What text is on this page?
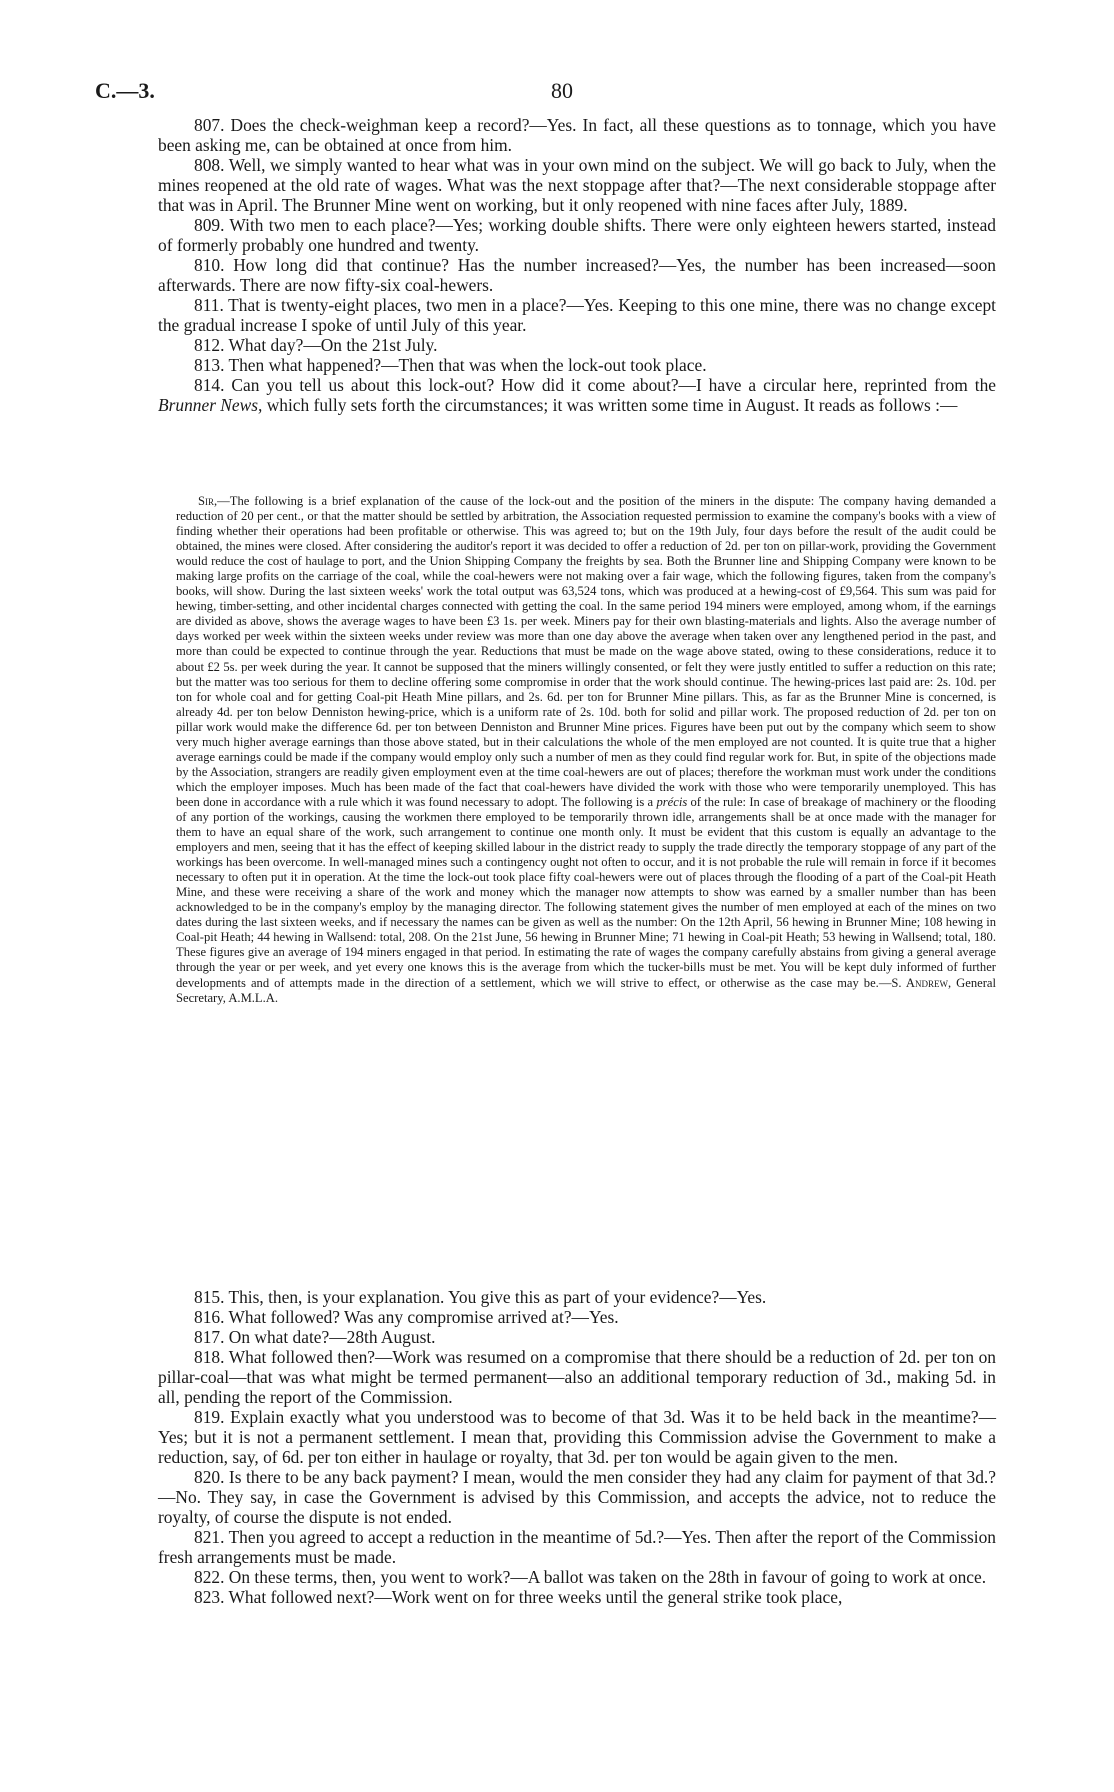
C.—3.	80

807. Does the check-weighman keep a record?—Yes. In fact, all these questions as to tonnage, which you have been asking me, can be obtained at once from him.

808. Well, we simply wanted to hear what was in your own mind on the subject. We will go back to July, when the mines reopened at the old rate of wages. What was the next stoppage after that?—The next considerable stoppage after that was in April. The Brunner Mine went on working, but it only reopened with nine faces after July, 1889.

809. With two men to each place?—Yes; working double shifts. There were only eighteen hewers started, instead of formerly probably one hundred and twenty.

810. How long did that continue? Has the number increased?—Yes, the number has been increased—soon afterwards. There are now fifty-six coal-hewers.

811. That is twenty-eight places, two men in a place?—Yes. Keeping to this one mine, there was no change except the gradual increase I spoke of until July of this year.

812. What day?—On the 21st July.

813. Then what happened?—Then that was when the lock-out took place.

814. Can you tell us about this lock-out? How did it come about?—I have a circular here, reprinted from the Brunner News, which fully sets forth the circumstances; it was written some time in August. It reads as follows :—

Sir,—The following is a brief explanation of the cause of the lock-out and the position of the miners in the dispute: The company having demanded a reduction of 20 per cent., or that the matter should be settled by arbitration, the Association requested permission to examine the company's books with a view of finding whether their operations had been profitable or otherwise. This was agreed to; but on the 19th July, four days before the result of the audit could be obtained, the mines were closed. After considering the auditor's report it was decided to offer a reduction of 2d. per ton on pillar-work, providing the Government would reduce the cost of haulage to port, and the Union Shipping Company the freights by sea. Both the Brunner line and Shipping Company were known to be making large profits on the carriage of the coal, while the coal-hewers were not making over a fair wage, which the following figures, taken from the company's books, will show. During the last sixteen weeks' work the total output was 63,524 tons, which was produced at a hewing-cost of £9,564. This sum was paid for hewing, timber-setting, and other incidental charges connected with getting the coal. In the same period 194 miners were employed, among whom, if the earnings are divided as above, shows the average wages to have been £3 1s. per week. Miners pay for their own blasting-materials and lights. Also the average number of days worked per week within the sixteen weeks under review was more than one day above the average when taken over any lengthened period in the past, and more than could be expected to continue through the year. Reductions that must be made on the wage above stated, owing to these considerations, reduce it to about £2 5s. per week during the year. It cannot be supposed that the miners willingly consented, or felt they were justly entitled to suffer a reduction on this rate; but the matter was too serious for them to decline offering some compromise in order that the work should continue. The hewing-prices last paid are: 2s. 10d. per ton for whole coal and for getting Coal-pit Heath Mine pillars, and 2s. 6d. per ton for Brunner Mine pillars. This, as far as the Brunner Mine is concerned, is already 4d. per ton below Denniston hewing-price, which is a uniform rate of 2s. 10d. both for solid and pillar work. The proposed reduction of 2d. per ton on pillar work would make the difference 6d. per ton between Denniston and Brunner Mine prices. Figures have been put out by the company which seem to show very much higher average earnings than those above stated, but in their calculations the whole of the men employed are not counted. It is quite true that a higher average earnings could be made if the company would employ only such a number of men as they could find regular work for. But, in spite of the objections made by the Association, strangers are readily given employment even at the time coal-hewers are out of places; therefore the workman must work under the conditions which the employer imposes. Much has been made of the fact that coal-hewers have divided the work with those who were temporarily unemployed. This has been done in accordance with a rule which it was found necessary to adopt. The following is a précis of the rule: In case of breakage of machinery or the flooding of any portion of the workings, causing the workmen there employed to be temporarily thrown idle, arrangements shall be at once made with the manager for them to have an equal share of the work, such arrangement to continue one month only. It must be evident that this custom is equally an advantage to the employers and men, seeing that it has the effect of keeping skilled labour in the district ready to supply the trade directly the temporary stoppage of any part of the workings has been overcome. In well-managed mines such a contingency ought not often to occur, and it is not probable the rule will remain in force if it becomes necessary to often put it in operation. At the time the lock-out took place fifty coal-hewers were out of places through the flooding of a part of the Coal-pit Heath Mine, and these were receiving a share of the work and money which the manager now attempts to show was earned by a smaller number than has been acknowledged to be in the company's employ by the managing director. The following statement gives the number of men employed at each of the mines on two dates during the last sixteen weeks, and if necessary the names can be given as well as the number: On the 12th April, 56 hewing in Brunner Mine; 108 hewing in Coal-pit Heath; 44 hewing in Wallsend: total, 208. On the 21st June, 56 hewing in Brunner Mine; 71 hewing in Coal-pit Heath; 53 hewing in Wallsend; total, 180. These figures give an average of 194 miners engaged in that period. In estimating the rate of wages the company carefully abstains from giving a general average through the year or per week, and yet every one knows this is the average from which the tucker-bills must be met. You will be kept duly informed of further developments and of attempts made in the direction of a settlement, which we will strive to effect, or otherwise as the case may be.—S. Andrew, General Secretary, A.M.L.A.

815. This, then, is your explanation. You give this as part of your evidence?—Yes.

816. What followed? Was any compromise arrived at?—Yes.

817. On what date?—28th August.

818. What followed then?—Work was resumed on a compromise that there should be a reduction of 2d. per ton on pillar-coal—that was what might be termed permanent—also an additional temporary reduction of 3d., making 5d. in all, pending the report of the Commission.

819. Explain exactly what you understood was to become of that 3d. Was it to be held back in the meantime?—Yes; but it is not a permanent settlement. I mean that, providing this Commission advise the Government to make a reduction, say, of 6d. per ton either in haulage or royalty, that 3d. per ton would be again given to the men.

820. Is there to be any back payment? I mean, would the men consider they had any claim for payment of that 3d.?—No. They say, in case the Government is advised by this Commission, and accepts the advice, not to reduce the royalty, of course the dispute is not ended.

821. Then you agreed to accept a reduction in the meantime of 5d.?—Yes. Then after the report of the Commission fresh arrangements must be made.

822. On these terms, then, you went to work?—A ballot was taken on the 28th in favour of going to work at once.

823. What followed next?—Work went on for three weeks until the general strike took place,
